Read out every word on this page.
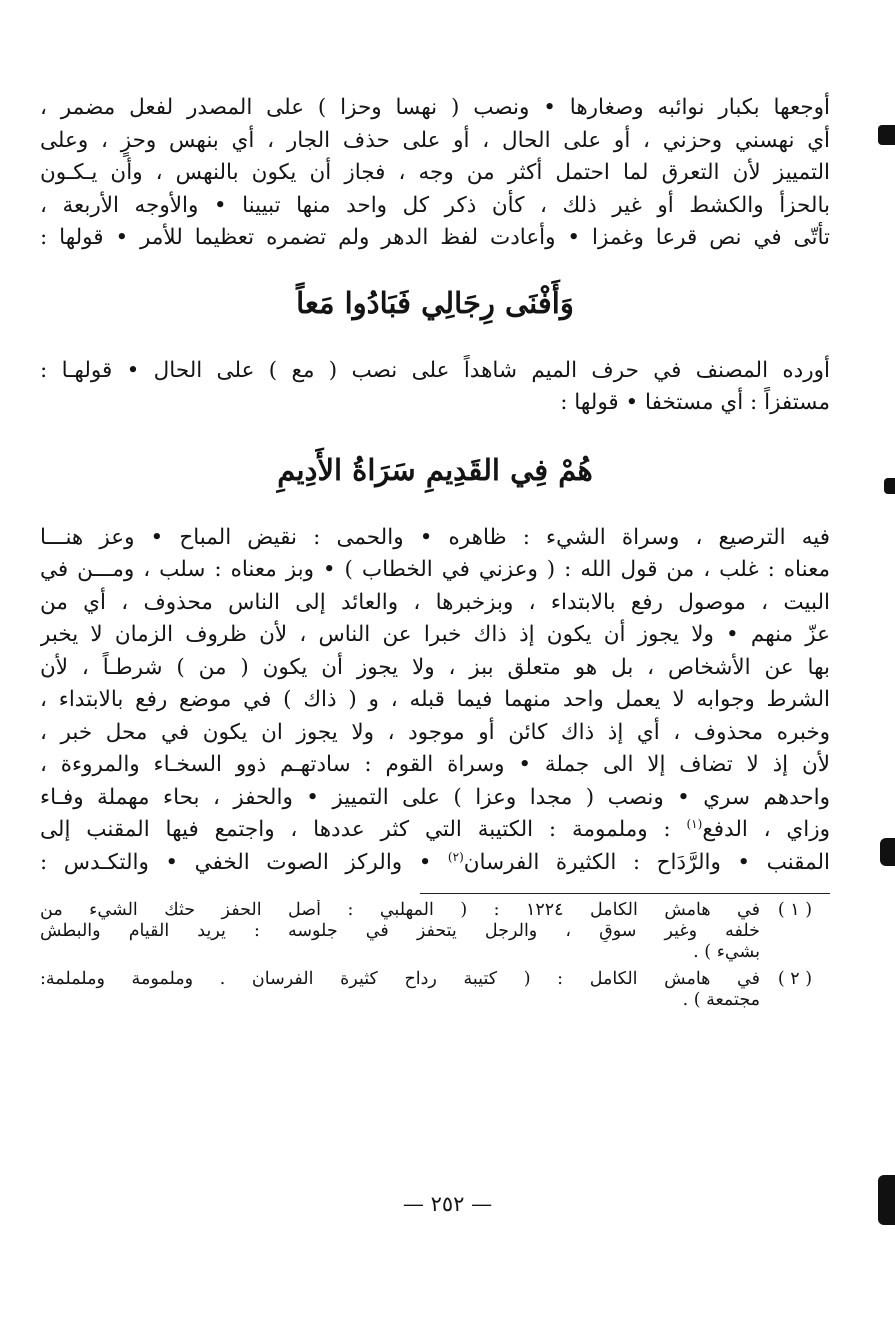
أوجعها بكبار نوائبه وصغارها • ونصب ( نهسا وحزا ) على المصدر لفعل مضمر ،
أي نهسني وحزني ، أو على الحال ، أو على حذف الجار ، أي بنهس وحزٍ ، وعلى
التمييز لأن التعرق لما احتمل أكثر من وجه ، فجاز أن يكون بالنهس ، وأن يـكـون
بالحزأ والكشط أو غير ذلك ، كأن ذكر كل واحد منها تبيينا • والأوجه الأربعة ،
تأتّى في نص قرعا وغمزا • وأعادت لفظ الدهر ولم تضمره تعظيما للأمر • قولها :
وَأَفْنَى رِجَالِي فَبَادُوا مَعاً
أورده المصنف في حرف الميم شاهداً على نصب ( مع ) على الحال • قولهـا :
مستفزاً : أي مستخفا • قولها :
هُمْ فِي القَدِيمِ سَرَاةُ الأَدِيمِ
فيه الترصيع ، وسراة الشيء : ظاهره • والحمى : نقيض المباح • وعز هنـــا
معناه : غلب ، من قول الله : ( وعزني في الخطاب ) • وبز معناه : سلب ، ومـــن في
البيت ، موصول رفع بالابتداء ، وبزخبرها ، والعائد إلى الناس محذوف ، أي من
عزّ منهم • ولا يجوز أن يكون إذ ذاك خبرا عن الناس ، لأن ظروف الزمان لا يخبر
بها عن الأشخاص ، بل هو متعلق ببز ، ولا يجوز أن يكون ( من ) شرطـاً ، لأن
الشرط وجوابه لا يعمل واحد منهما فيما قبله ، و ( ذاك ) في موضع رفع بالابتداء ،
وخبره محذوف ، أي إذ ذاك كائن أو موجود ، ولا يجوز ان يكون في محل خبر ،
لأن إذ لا تضاف إلا الى جملة • وسراة القوم : سادتهـم ذوو السخـاء والمروءة ،
واحدهم سري • ونصب ( مجدا وعزا ) على التمييز • والحفز ، بحاء مهملة وفـاء
وزاي ، الدفع$^{(١)}$ : وملمومة : الكتيبة التي كثر عددها ، واجتمع فيها المقنب إلى
المقنب • والرَّدَاح : الكثيرة الفرسان$^{(٢)}$ • والركز الصوت الخفي • والتكـدس :
( ١ )
في هامش الكامل ١٢٢٤ : ( المهلبي : أصل الحفز حثك الشيء من
خلفه وغير سوقٍ ، والرجل يتحفز في جلوسه : يريد القيام والبطش
بشيء ) .
( ٢ )
في هامش الكامل : ( كتيبة رداح كثيرة الفرسان . وملمومة وململمة:
مجتمعة ) .
— ٢٥٢ —
